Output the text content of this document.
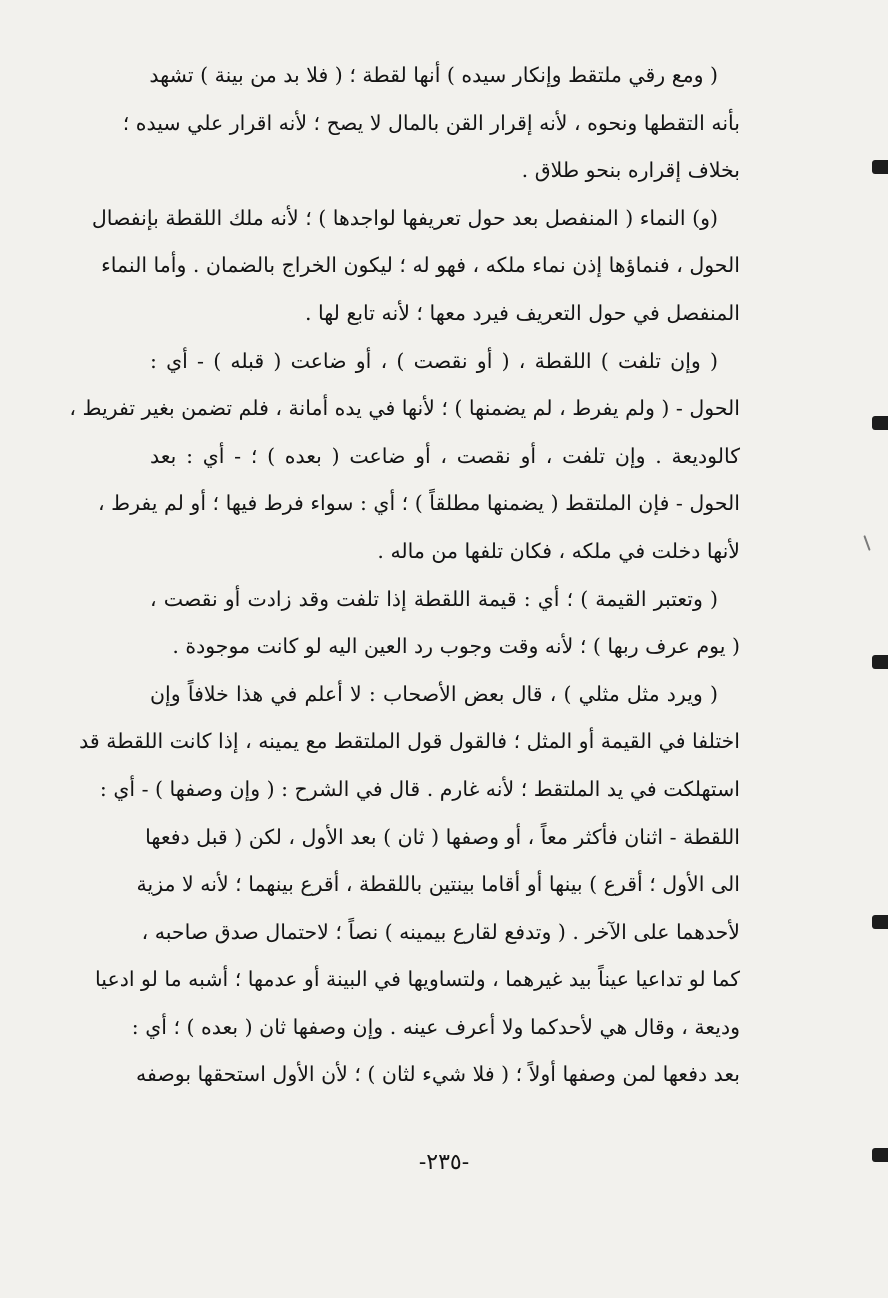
( ومع رقي ملتقط وإنكار سيده ) أنها لقطة ؛ ( فلا بد من بينة ) تشهد
بأنه التقطها ونحوه ، لأنه إقرار القن بالمال لا يصح ؛ لأنه اقرار علي سيده ؛
بخلاف إقراره بنحو طلاق .
(و) النماء ( المنفصل بعد حول تعريفها لواجدها ) ؛ لأنه ملك اللقطة بإنفصال
الحول ، فنماؤها إذن نماء ملكه ، فهو له ؛ ليكون الخراج بالضمان . وأما النماء
المنفصل في حول التعريف فيرد معها ؛ لأنه تابع لها .
( وإن تلفت ) اللقطة ، ( أو نقصت ) ، أو ضاعت ( قبله ) - أي :
الحول - ( ولم يفرط ، لم يضمنها ) ؛ لأنها في يده أمانة ، فلم تضمن بغير تفريط ،
كالوديعة . وإن تلفت ، أو نقصت ، أو ضاعت ( بعده ) ؛ - أي : بعد
الحول - فإن الملتقط ( يضمنها مطلقاً ) ؛ أي : سواء فرط فيها ؛ أو لم يفرط ،
لأنها دخلت في ملكه ، فكان تلفها من ماله .
( وتعتبر القيمة ) ؛ أي : قيمة اللقطة إذا تلفت وقد زادت أو نقصت ،
( يوم عرف ربها ) ؛ لأنه وقت وجوب رد العين اليه لو كانت موجودة .
( ويرد مثل مثلي ) ، قال بعض الأصحاب : لا أعلم في هذا خلافاً وإن
اختلفا في القيمة أو المثل ؛ فالقول قول الملتقط مع يمينه ، إذا كانت اللقطة قد
استهلكت في يد الملتقط ؛ لأنه غارم . قال في الشرح : ( وإن وصفها ) - أي :
اللقطة - اثنان فأكثر معاً ، أو وصفها ( ثان ) بعد الأول ، لكن ( قبل دفعها
الى الأول ؛ أقرع ) بينها أو أقاما بينتين باللقطة ، أقرع بينهما ؛ لأنه لا مزية
لأحدهما على الآخر . ( وتدفع لقارع بيمينه ) نصاً ؛ لاحتمال صدق صاحبه ،
كما لو تداعيا عيناً بيد غيرهما ، ولتساويها في البينة أو عدمها ؛ أشبه ما لو ادعيا
وديعة ، وقال هي لأحدكما ولا أعرف عينه . وإن وصفها ثان ( بعده ) ؛ أي :
بعد دفعها لمن وصفها أولاً ؛ ( فلا شيء لثان ) ؛ لأن الأول استحقها بوصفه
-٢٣٥-
